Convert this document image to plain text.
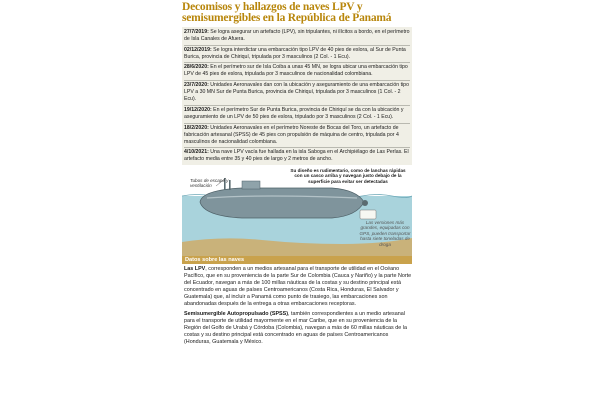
Decomisos y hallazgos de naves LPV y semisumergibles en la República de Panamá
27/7/2019: Se logra asegurar un artefacto (LPV), sin tripulantes, ni ilícitos a bordo, en el perímetro de Isla Canales de Afuera.
02/12/2019: Se logra interdictar una embarcación tipo LPV de 40 pies de eslora, al Sur de Punta Burica, provincia de Chiriquí, tripulada por 3 masculinos (2 Col. - 1 Ecu).
28/6/2020: En el perímetro sur de Isla Coiba a unas 45 MN, se logra ubicar una embarcación tipo LPV de 45 pies de eslora, tripulada por 3 masculinos de nacionalidad colombiana.
23/7/2020: Unidades Aeronavales dan con la ubicación y aseguramiento de una embarcación tipo LPV a 30 MN Sur de Punta Burica, provincia de Chiriquí, tripulada por 3 masculinos (1 Col. - 2 Ecu).
19/12/2020: En el perímetro Sur de Punta Burica, provincia de Chiriquí se da con la ubicación y aseguramiento de un LPV de 50 pies de eslora, tripulado por 3 masculinos (2 Col. - 1 Ecu).
18/2/2020: Unidades Aeronavales en el perímetro Noreste de Bocas del Toro, un artefacto de fabricación artesanal (SPSS) de 45 pies con propulsión de máquina de centro, tripulada por 4 masculinos de nacionalidad colombiana.
4/10/2021: Una nave LPV vacía fue hallada en la isla Saboga en el Archipiélago de Las Perlas. El artefacto media entre 35 y 40 pies de largo y 2 metros de ancho.
Su diseño es rudimentario, como de lanchas rápidas con un casco arriba y navegan justo debajo de la superficie para evitar ser detectadas
Tubos de escape y ventilación
Las versiones más grandes, equipadas con GPS, pueden transportar hasta siete toneladas de droga
Datos sobre las naves

Las LPV, corresponden a un medios artesanal para el transporte de utilidad en el Océano Pacífico, que en su proveniencia de la parte Sur de Colombia (Cauca y Nariño) y la parte Norte del Ecuador, navegan a más de 100 millas náuticas de la costas y su destino principal está concentrado en aguas de países Centroamericanos (Costa Rica, Honduras, El Salvador y Guatemala) que, al incluir a Panamá como punto de trasiego, las embarcaciones son abandonadas después de la entrega a otras embarcaciones receptoras.

Semisumergible Autopropulsado (SPSS), también correspondientes a un medio artesanal para el transporte de utilidad mayormente en el mar Caribe, que en su proveniencia de la Región del Golfo de Urabá y Córdoba (Colombia), navegan a más de 60 millas náuticas de la costas y su destino principal está concentrado en aguas de países Centroamericanos (Honduras, Guatemala y México.
